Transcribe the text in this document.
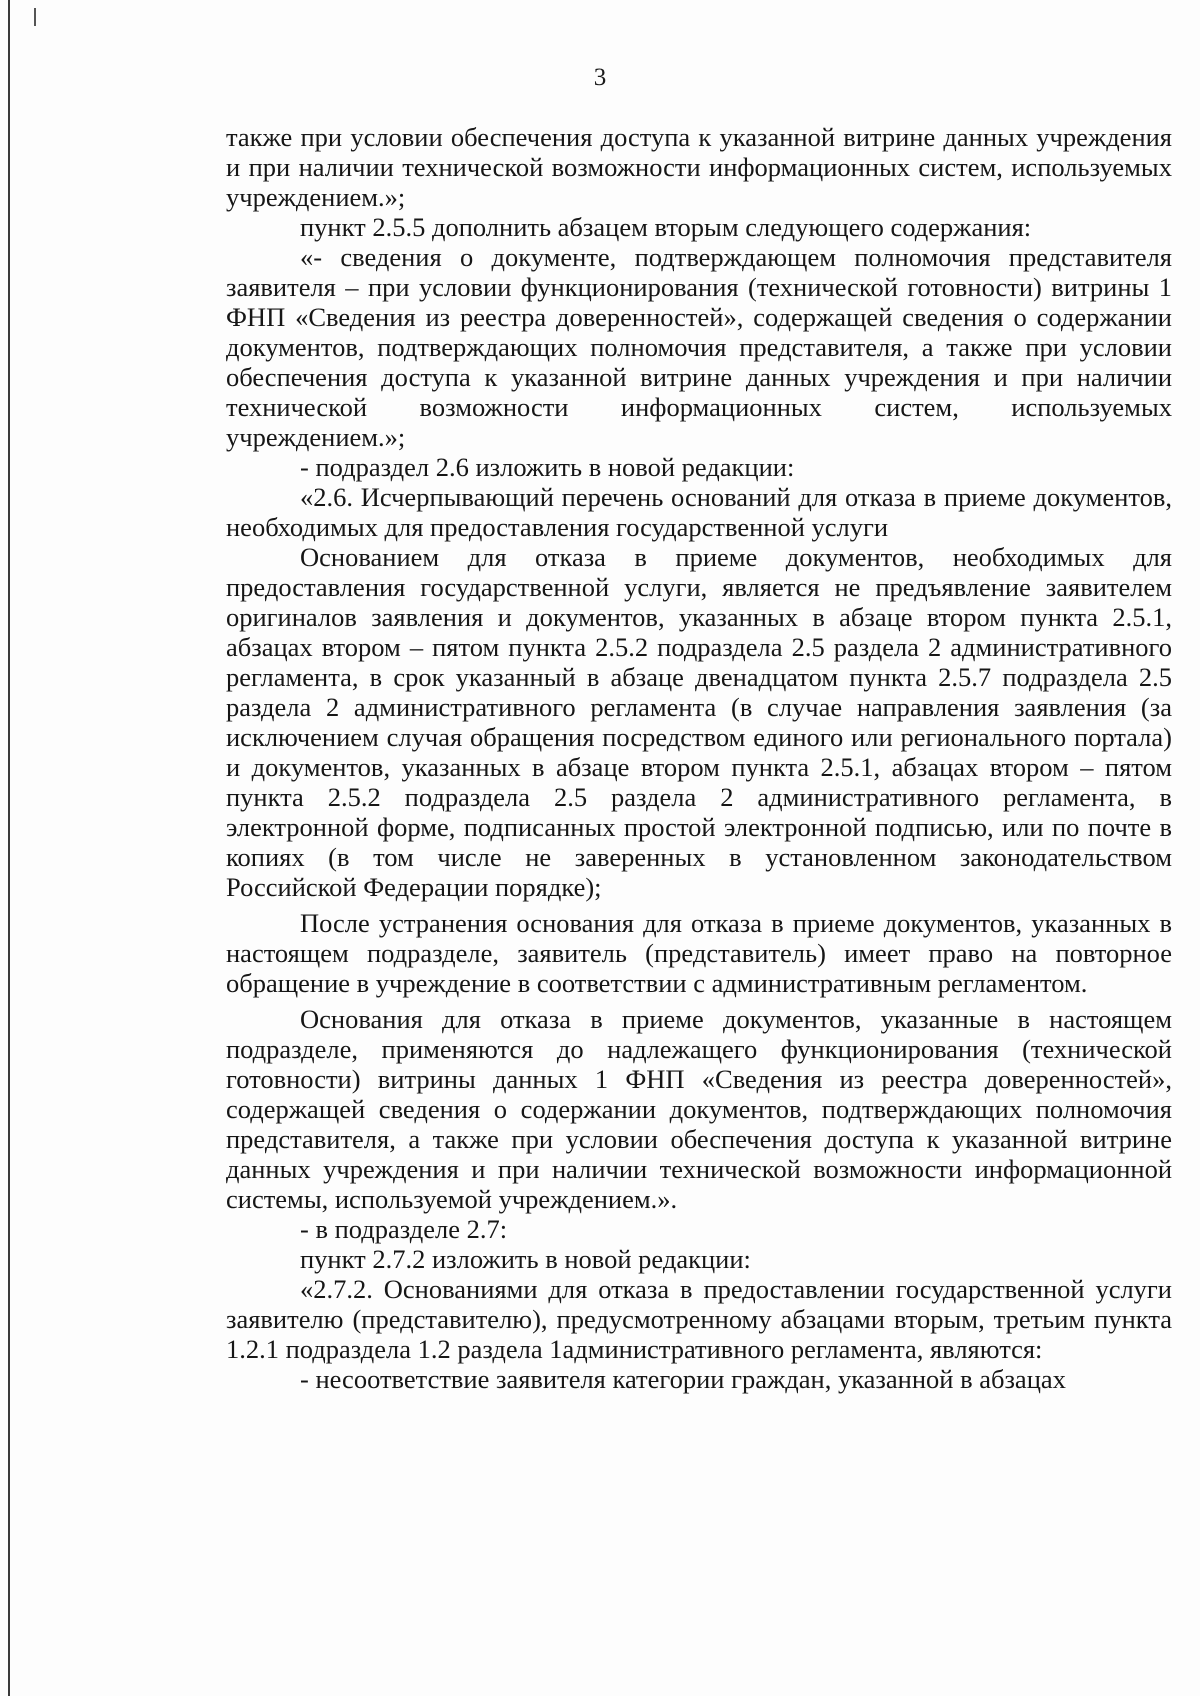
3

также при условии обеспечения доступа к указанной витрине данных учреждения и при наличии технической возможности информационных систем, используемых учреждением.»;

пункт 2.5.5 дополнить абзацем вторым следующего содержания:

«- сведения о документе, подтверждающем полномочия представителя заявителя – при условии функционирования (технической готовности) витрины 1 ФНП «Сведения из реестра доверенностей», содержащей сведения о содержании документов, подтверждающих полномочия представителя, а также при условии обеспечения доступа к указанной витрине данных учреждения и при наличии технической возможности информационных систем, используемых учреждением.»;

- подраздел 2.6 изложить в новой редакции:

«2.6. Исчерпывающий перечень оснований для отказа в приеме документов, необходимых для предоставления государственной услуги

Основанием для отказа в приеме документов, необходимых для предоставления государственной услуги, является не предъявление заявителем оригиналов заявления и документов, указанных в абзаце втором пункта 2.5.1, абзацах втором – пятом пункта 2.5.2 подраздела 2.5 раздела 2 административного регламента, в срок указанный в абзаце двенадцатом пункта 2.5.7 подраздела 2.5 раздела 2 административного регламента (в случае направления заявления (за исключением случая обращения посредством единого или регионального портала) и документов, указанных в абзаце втором пункта 2.5.1, абзацах втором – пятом пункта 2.5.2 подраздела 2.5 раздела 2 административного регламента, в электронной форме, подписанных простой электронной подписью, или по почте в копиях (в том числе не заверенных в установленном законодательством Российской Федерации порядке);

После устранения основания для отказа в приеме документов, указанных в настоящем подразделе, заявитель (представитель) имеет право на повторное обращение в учреждение в соответствии с административным регламентом.

Основания для отказа в приеме документов, указанные в настоящем подразделе, применяются до надлежащего функционирования (технической готовности) витрины данных 1 ФНП «Сведения из реестра доверенностей», содержащей сведения о содержании документов, подтверждающих полномочия представителя, а также при условии обеспечения доступа к указанной витрине данных учреждения и при наличии технической возможности информационной системы, используемой учреждением.».

- в подразделе 2.7:

пункт 2.7.2 изложить в новой редакции:

«2.7.2. Основаниями для отказа в предоставлении государственной услуги заявителю (представителю), предусмотренному абзацами вторым, третьим пункта 1.2.1 подраздела 1.2 раздела 1административного регламента, являются:

- несоответствие заявителя категории граждан, указанной в абзацах
